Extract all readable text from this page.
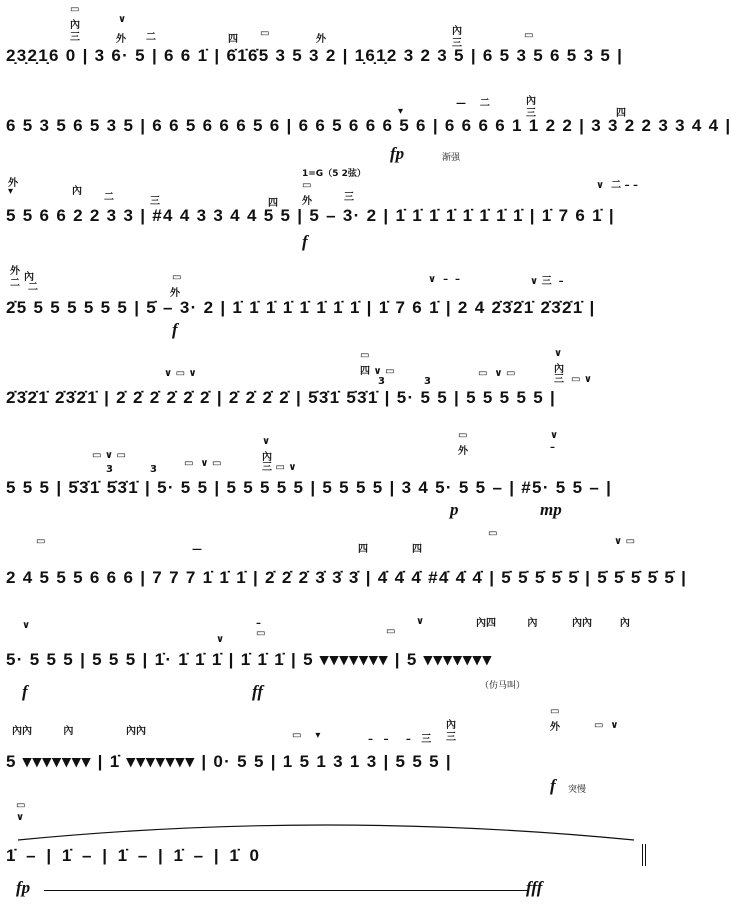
▭
內
三
∨
外 二	四
▭
外
內
三
▭
2̣3̣2̣1̣6 0 | 3 6· 5 | 6 6 1̇ | 6̇1̇6̇5 3 5 3 2 | 1̣6̣1̣2 3 2 3 5 | 6 5 3 5 6 5 3 5 |
—    二	內
三	四
▾
6 5 3 5 6 5 3 5 | 6 6 5 6 6 6 5 6 | 6 6 5 6 6 6 5 6 | 6 6 6 6 1 1 2 2 | 3 3 2 2 3 3 4 4 |
fp	渐强
外
▾	內
二	三	四
1=G（5 2弦）
▭
外	三
∨  二 – –
5 5 6 6 2 2 3 3 | #4 4 3 3 4 4 5 5 | 5 – 3· 2 | 1̇ 1̇ 1̇ 1̇ 1̇ 1̇ 1̇ 1̇ | 1̇ 7 6 1̇ |
f
外
二
內
二
▭
外
∨  –  –	∨ 三  –
2̇5 5 5 5 5 5 5 | 5̇ – 3· 2 | 1̇ 1̇ 1̇ 1̇ 1̇ 1̇ 1̇ 1̇ | 1̇ 7 6 1̇ | 2 4 2̇3̇2̇1̇ 2̇3̇2̇1̇ |
f
∨ ▭ ∨
▭
四 ∨ ▭
3	3
▭  ∨ ▭
∨
內
三  ▭ ∨
2̇3̇2̇1̇ 2̇3̇2̇1̇ | 2̇ 2̇ 2̇ 2̇ 2̇ 2̇ | 2̇ 2̇ 2̇ 2̇ | 5̇3̇1̇ 5̇3̇1̇ | 5· 5 5 | 5 5 5 5 5 |
▭ ∨ ▭
3	3
▭  ∨ ▭
∨
內
三 ▭ ∨
▭
外
∨
–
5 5 5 | 5̇3̇1̇ 5̇3̇1̇ | 5· 5 5 | 5 5 5 5 5 | 5 5 5 5 | 3 4 5· 5 5 – | #5· 5 5 – |
p	mp
▭
—	四	四
▭
∨ ▭
2 4 5 5 5 6 6 6 | 7 7 7 1̇ 1̇ 1̇ | 2̇ 2̇ 2̇ 3̇ 3̇ 3̇ | 4̇ 4̇ 4̇ #4̇ 4̇ 4̇ | 5̇ 5̇ 5̇ 5̇ 5̇ | 5̇ 5̇ 5̇ 5̇ 5̇ |
∨
∨
–
▭	▭
∨	內四         內	內內        內
5· 5 5 5 | 5 5 5 | 1̇· 1̇ 1̇ 1̇ | 1̇ 1̇ 1̇ | 5 ▾▾▾▾▾▾▾ | 5 ▾▾▾▾▾▾▾
f	ff	（仿马叫）
內內         內	內內	▭    ▾	–   –     –   三
內
三
▭
外	▭  ∨
5 ▾▾▾▾▾▾▾ | 1̇ ▾▾▾▾▾▾▾ | 0· 5 5 | 1 5 1 3 1 3 | 5 5 5 |
f 突慢
▭
∨
1̇ – | 1̇ – | 1̇ – | 1̇ – | 1̇ 0
fp	fff
